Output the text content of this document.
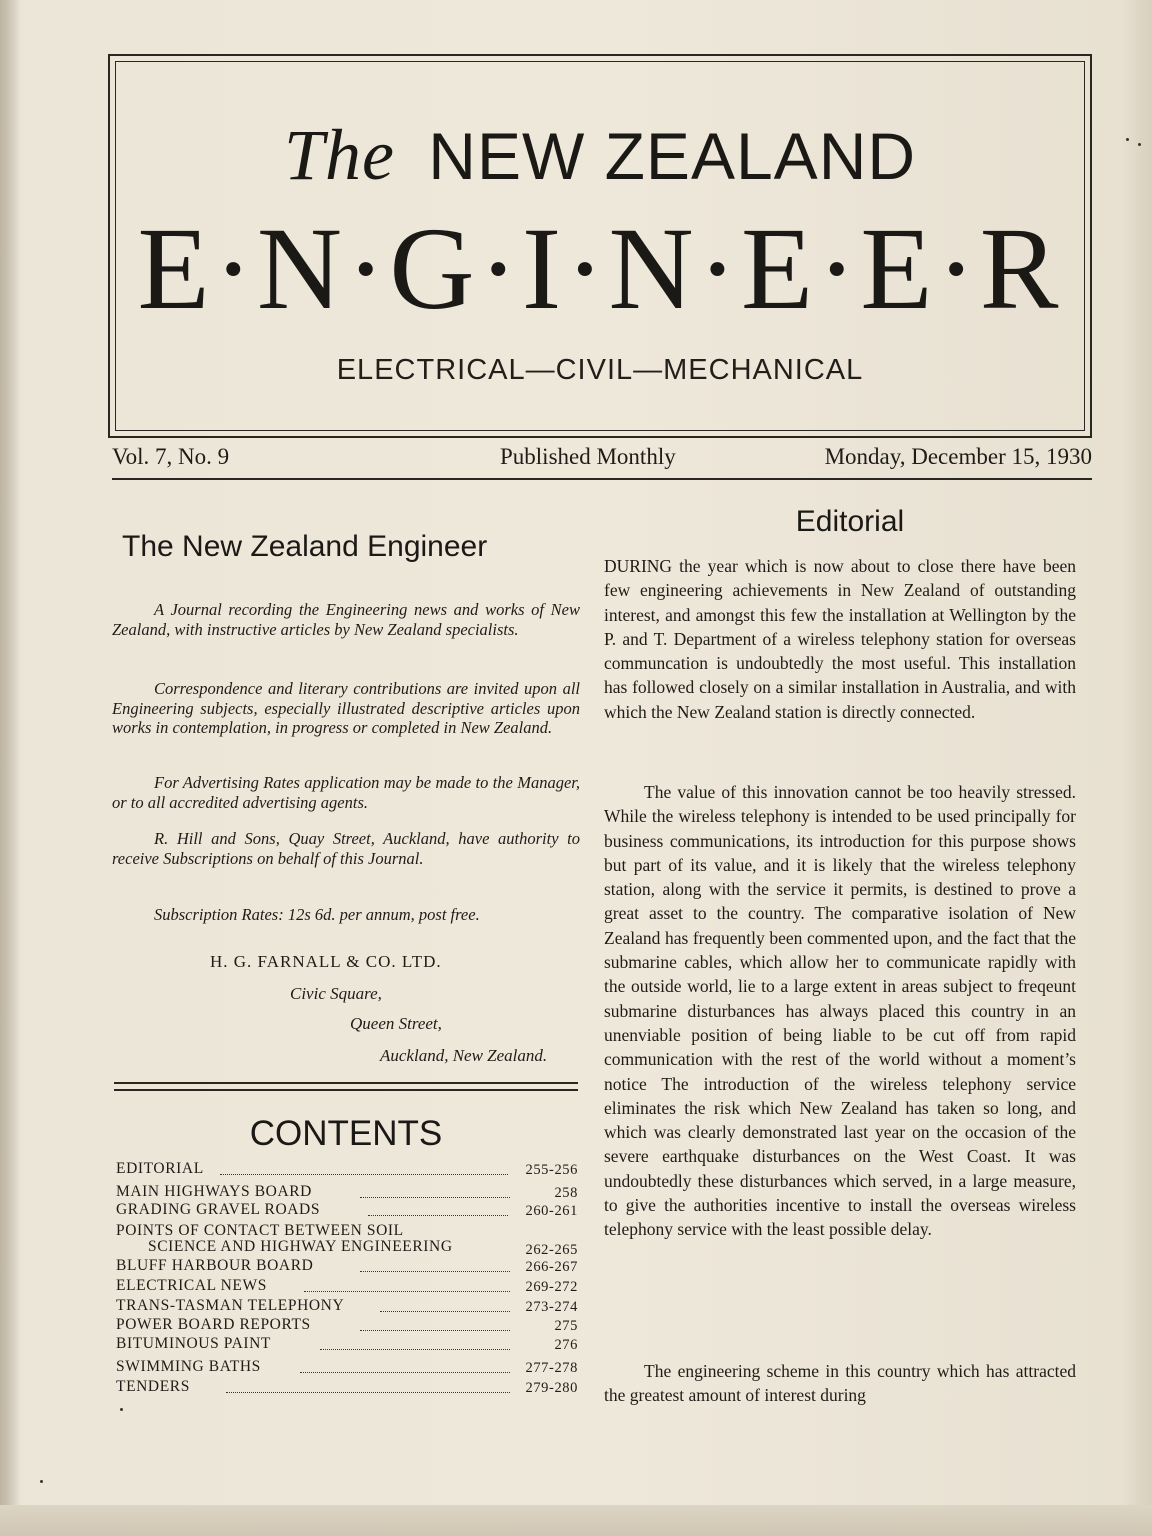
The NEW ZEALAND
E·N·G·I·N·E·E·R
ELECTRICAL—CIVIL—MECHANICAL
Vol. 7, No. 9	Published Monthly	Monday, December 15, 1930
The New Zealand Engineer

A Journal recording the Engineering news and works of New Zealand, with instructive articles by New Zealand specialists.

Correspondence and literary contributions are invited upon all Engineering subjects, especially illustrated descriptive articles upon works in contemplation, in progress or completed in New Zealand.

For Advertising Rates application may be made to the Manager, or to all accredited advertising agents.

R. Hill and Sons, Quay Street, Auckland, have authority to receive Subscriptions on behalf of this Journal.

Subscription Rates: 12s 6d. per annum, post free.

H. G. FARNALL & CO. LTD.
Civic Square,
Queen Street,
Auckland, New Zealand.
CONTENTS
EDITORIAL	255-256
MAIN HIGHWAYS BOARD	258
GRADING GRAVEL ROADS	260-261
POINTS OF CONTACT BETWEEN SOIL
SCIENCE AND HIGHWAY ENGINEERING	262-265
BLUFF HARBOUR BOARD	266-267
ELECTRICAL NEWS	269-272
TRANS-TASMAN TELEPHONY	273-274
POWER BOARD REPORTS	275
BITUMINOUS PAINT	276
SWIMMING BATHS	277-278
TENDERS	279-280
Editorial

DURING the year which is now about to close there have been few engineering achievements in New Zealand of outstanding interest, and amongst this few the installation at Wellington by the P. and T. Department of a wireless telephony station for overseas communcation is undoubtedly the most useful. This installation has followed closely on a similar installation in Australia, and with which the New Zealand station is directly connected.

The value of this innovation cannot be too heavily stressed. While the wireless telephony is intended to be used principally for business communications, its introduction for this purpose shows but part of its value, and it is likely that the wireless telephony station, along with the service it permits, is destined to prove a great asset to the country. The comparative isolation of New Zealand has frequently been commented upon, and the fact that the submarine cables, which allow her to communicate rapidly with the outside world, lie to a large extent in areas subject to freqeunt submarine disturbances has always placed this country in an unenviable position of being liable to be cut off from rapid communication with the rest of the world without a moment’s notice The introduction of the wireless telephony service eliminates the risk which New Zealand has taken so long, and which was clearly demonstrated last year on the occasion of the severe earthquake disturbances on the West Coast. It was undoubtedly these disturbances which served, in a large measure, to give the authorities incentive to install the overseas wireless telephony service with the least possible delay.

The engineering scheme in this country which has attracted the greatest amount of interest during
